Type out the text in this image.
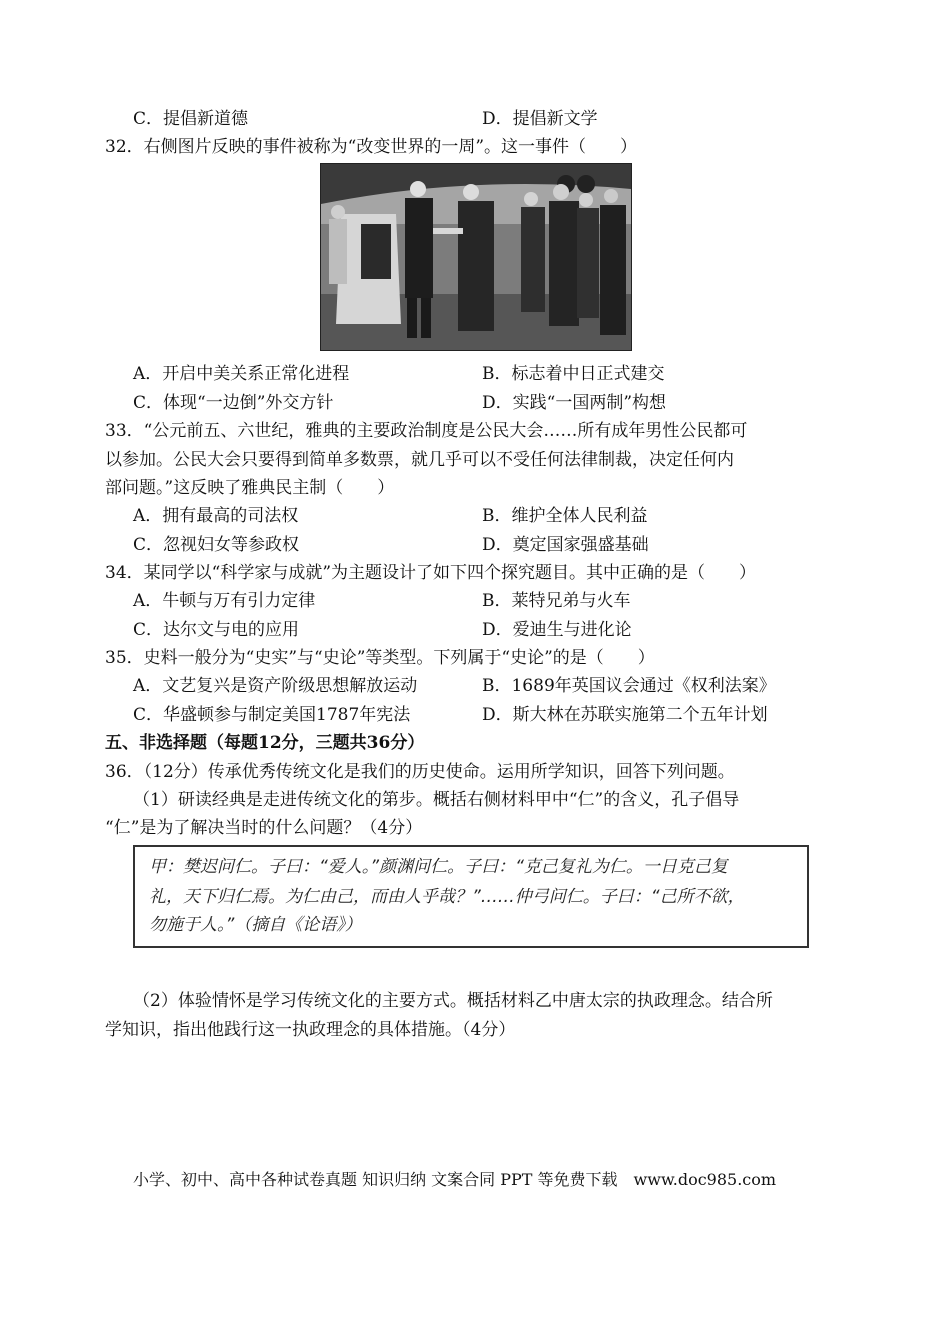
C．提倡新道德	D．提倡新文学
32．右侧图片反映的事件被称为“改变世界的一周”。这一事件（　　）
A．开启中美关系正常化进程	B．标志着中日正式建交
C．体现“一边倒”外交方针	D．实践“一国两制”构想
33．“公元前五、六世纪，雅典的主要政治制度是公民大会……所有成年男性公民都可
以参加。公民大会只要得到简单多数票，就几乎可以不受任何法律制裁，决定任何内
部问题。”这反映了雅典民主制（　　）
A．拥有最高的司法权	B．维护全体人民利益
C．忽视妇女等参政权	D．奠定国家强盛基础
34．某同学以“科学家与成就”为主题设计了如下四个探究题目。其中正确的是（　　）
A．牛顿与万有引力定律	B．莱特兄弟与火车
C．达尔文与电的应用	D．爱迪生与进化论
35．史料一般分为“史实”与“史论”等类型。下列属于“史论”的是（　　）
A．文艺复兴是资产阶级思想解放运动	B．1689年英国议会通过《权利法案》
C．华盛顿参与制定美国1787年宪法	D．斯大林在苏联实施第二个五年计划
五、非选择题（每题12分，三题共36分）
36．（12分）传承优秀传统文化是我们的历史使命。运用所学知识，回答下列问题。
（1）研读经典是走进传统文化的第步。概括右侧材料甲中“仁”的含义，孔子倡导
“仁”是为了解决当时的什么问题？（4分）
甲：樊迟问仁。子曰：“爱人。”颜渊问仁。子曰：“克己复礼为仁。一日克己复
礼，天下归仁焉。为仁由己，而由人乎哉？”……仲弓问仁。子曰：“己所不欲，
勿施于人。”（摘自《论语》）
（2）体验情怀是学习传统文化的主要方式。概括材料乙中唐太宗的执政理念。结合所
学知识，指出他践行这一执政理念的具体措施。（4分）
小学、初中、高中各种试卷真题 知识归纳 文案合同 PPT 等免费下载　www.doc985.com
